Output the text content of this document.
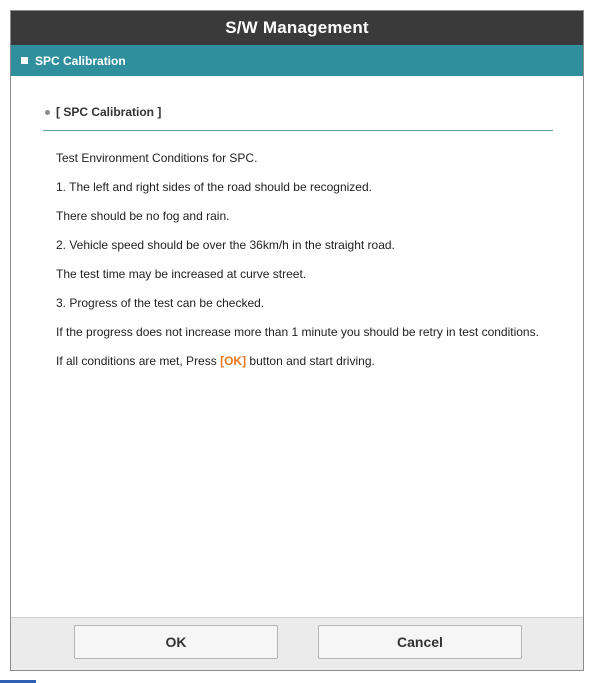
S/W Management
SPC Calibration
[ SPC Calibration ]

Test Environment Conditions for SPC.

1. The left and right sides of the road should be recognized.

There should be no fog and rain.

2. Vehicle speed should be over the 36km/h in the straight road.

The test time may be increased at curve street.

3. Progress of the test can be checked.

If the progress does not increase more than 1 minute you should be retry in test conditions.

If all conditions are met, Press [OK] button and start driving.

OK	Cancel
